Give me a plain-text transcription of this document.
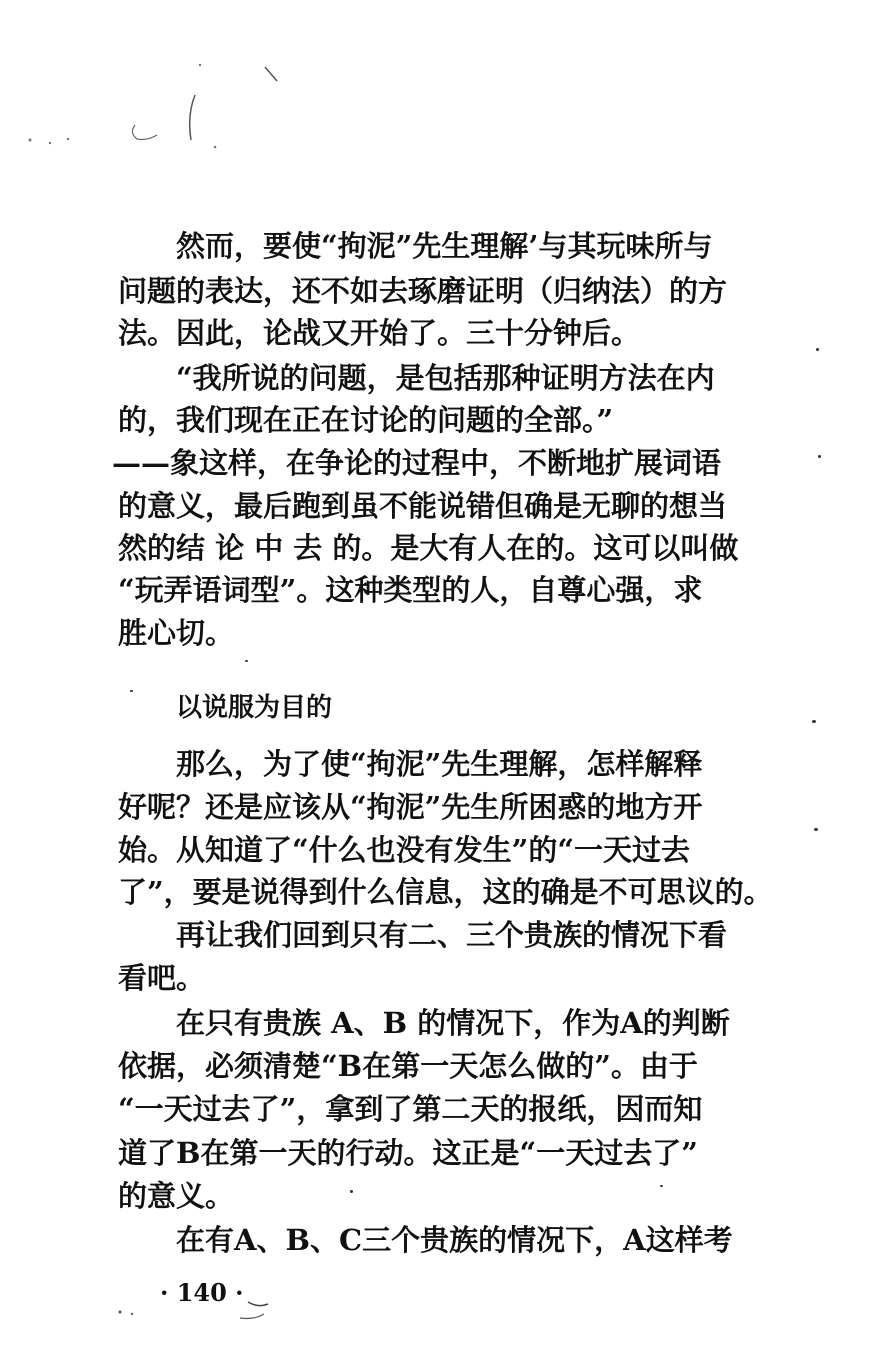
然而，要使“拘泥”先生理解’与其玩味所与
问题的表达，还不如去琢磨证明（归纳法）的方
法。因此，论战又开始了。三十分钟后。
“我所说的问题，是包括那种证明方法在内
的，我们现在正在讨论的问题的全部。”
——象这样，在争论的过程中，不断地扩展词语
的意义，最后跑到虽不能说错但确是无聊的想当
然的结 论 中 去 的。是大有人在的。这可以叫做
“玩弄语词型”。这种类型的人，自尊心强，求
胜心切。
以说服为目的
那么，为了使“拘泥”先生理解，怎样解释
好呢？还是应该从“拘泥”先生所困惑的地方开
始。从知道了“什么也没有发生”的“一天过去
了”，要是说得到什么信息，这的确是不可思议的。
再让我们回到只有二、三个贵族的情况下看
看吧。
在只有贵族 A、B 的情况下，作为A的判断
依据，必须清楚“B在第一天怎么做的”。由于
“一天过去了”，拿到了第二天的报纸，因而知
道了B在第一天的行动。这正是“一天过去了”
的意义。
在有A、B、C三个贵族的情况下，A这样考
· 140 ·
